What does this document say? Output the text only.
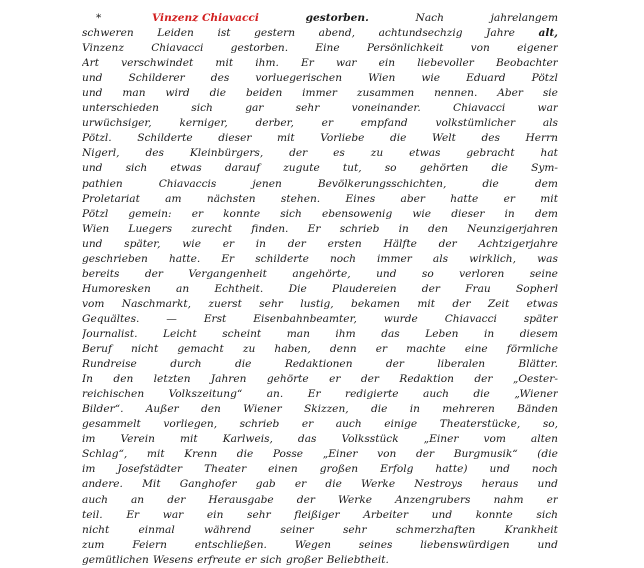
*	Vinzenz Chiavacci	gestorben.	Nach	jahrelangem
schweren Leiden ist gestern abend, achtundsechzig Jahre alt,
Vinzenz	Chiavacci	gestorben.	Eine	Persönlichkeit	von	eigener
Art verschwindet mit ihm. Er war ein liebevoller Beobachter
und Schilderer des vorluegerischen Wien wie Eduard Pötzl
und man wird die beiden immer zusammen nennen. Aber sie
unterschieden	sich	gar	sehr	voneinander.	Chiavacci	war
urwüchsiger,	kerniger,	derber,	er	empfand	volkstümlicher	als
Pötzl. Schilderte dieser mit Vorliebe die Welt des Herrn
Nigerl, des Kleinbürgers, der es zu etwas gebracht hat
und sich etwas darauf zugute tut, so gehörten die Sym-
pathien	Chiavaccis	jenen	Bevölkerungsschichten,	die	dem
Proletariat am nächsten stehen. Eines aber hatte er mit
Pötzl gemein: er konnte sich ebensowenig wie dieser in dem
Wien Luegers zurecht finden. Er schrieb in den Neunzigerjahren
und später, wie er in der ersten Hälfte der Achtzigerjahre
geschrieben hatte. Er schilderte noch immer als wirklich, was
bereits der Vergangenheit angehörte, und so verloren seine
Humoresken an Echtheit. Die Plaudereien der Frau Sopherl
vom Naschmarkt, zuerst sehr lustig, bekamen mit der Zeit etwas
Gequältes.	—	Erst	Eisenbahnbeamter,	wurde	Chiavacci	später
Journalist. Leicht scheint man ihm das Leben in diesem
Beruf nicht gemacht zu haben, denn er machte eine förmliche
Rundreise	durch	die	Redaktionen	der	liberalen	Blätter.
In den letzten Jahren gehörte er der Redaktion der „Oester-
reichischen Volkszeitung“ an. Er redigierte auch die „Wiener
Bilder“. Außer den Wiener Skizzen, die in mehreren Bänden
gesammelt vorliegen, schrieb er auch einige Theaterstücke, so,
im Verein mit Karlweis, das Volksstück „Einer vom alten
Schlag“, mit Krenn die Posse „Einer von der Burgmusik“ (die
im Josefstädter Theater einen großen Erfolg hatte) und noch
andere. Mit Ganghofer gab er die Werke Nestroys heraus und
auch an der Herausgabe der Werke Anzengrubers nahm er
teil. Er war ein sehr fleißiger Arbeiter und konnte sich
nicht	einmal	während	seiner	sehr	schmerzhaften	Krankheit
zum	Feiern	entschließen.	Wegen	seines	liebenswürdigen	und
gemütlichen Wesens erfreute er sich großer Beliebtheit.
